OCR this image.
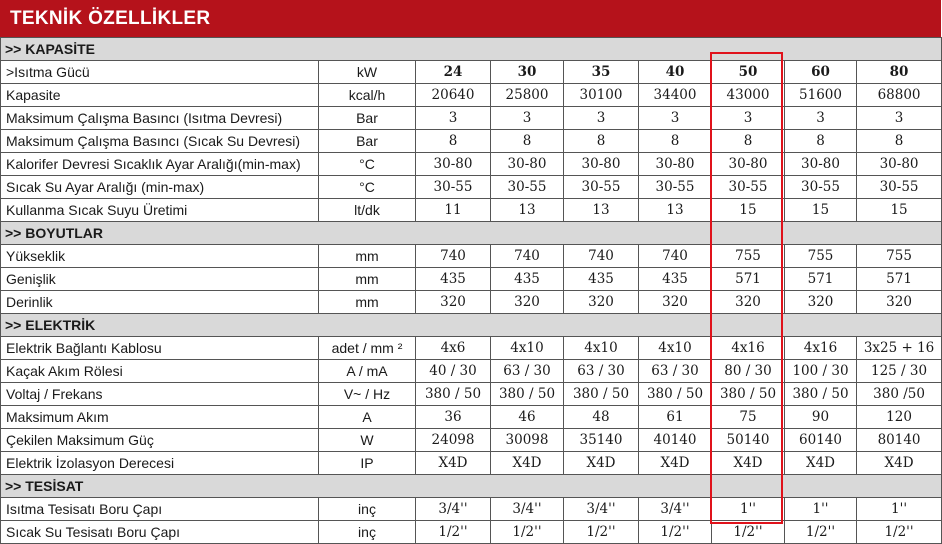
TEKNİK ÖZELLİKLER
>> KAPASİTE								
>Isıtma Gücü	kW	24	30	35	40	50	60	80
Kapasite	kcal/h	20640	25800	30100	34400	43000	51600	68800
Maksimum Çalışma Basıncı (Isıtma Devresi)	Bar	3	3	3	3	3	3	3
Maksimum Çalışma Basıncı (Sıcak Su Devresi)	Bar	8	8	8	8	8	8	8
Kalorifer Devresi Sıcaklık Ayar Aralığı(min-max)	°C	30-80	30-80	30-80	30-80	30-80	30-80	30-80
Sıcak Su Ayar Aralığı (min-max)	°C	30-55	30-55	30-55	30-55	30-55	30-55	30-55
Kullanma Sıcak Suyu Üretimi	lt/dk	11	13	13	13	15	15	15
>> BOYUTLAR								
Yükseklik	mm	740	740	740	740	755	755	755
Genişlik	mm	435	435	435	435	571	571	571
Derinlik	mm	320	320	320	320	320	320	320
>> ELEKTRİK								
Elektrik Bağlantı Kablosu	adet / mm ²	4x6	4x10	4x10	4x10	4x16	4x16	3x25 + 16
Kaçak Akım Rölesi	A / mA	40 / 30	63 / 30	63 / 30	63 / 30	80 / 30	100 / 30	125 / 30
Voltaj / Frekans	V~ / Hz	380 / 50	380 / 50	380 / 50	380 / 50	380 / 50	380 / 50	380 /50
Maksimum Akım	A	36	46	48	61	75	90	120
Çekilen Maksimum Güç	W	24098	30098	35140	40140	50140	60140	80140
Elektrik İzolasyon Derecesi	IP	X4D	X4D	X4D	X4D	X4D	X4D	X4D
>> TESİSAT								
Isıtma Tesisatı Boru Çapı	inç	3/4''	3/4''	3/4''	3/4''	1''	1''	1''
Sıcak Su Tesisatı Boru Çapı	inç	1/2''	1/2''	1/2''	1/2''	1/2''	1/2''	1/2''
